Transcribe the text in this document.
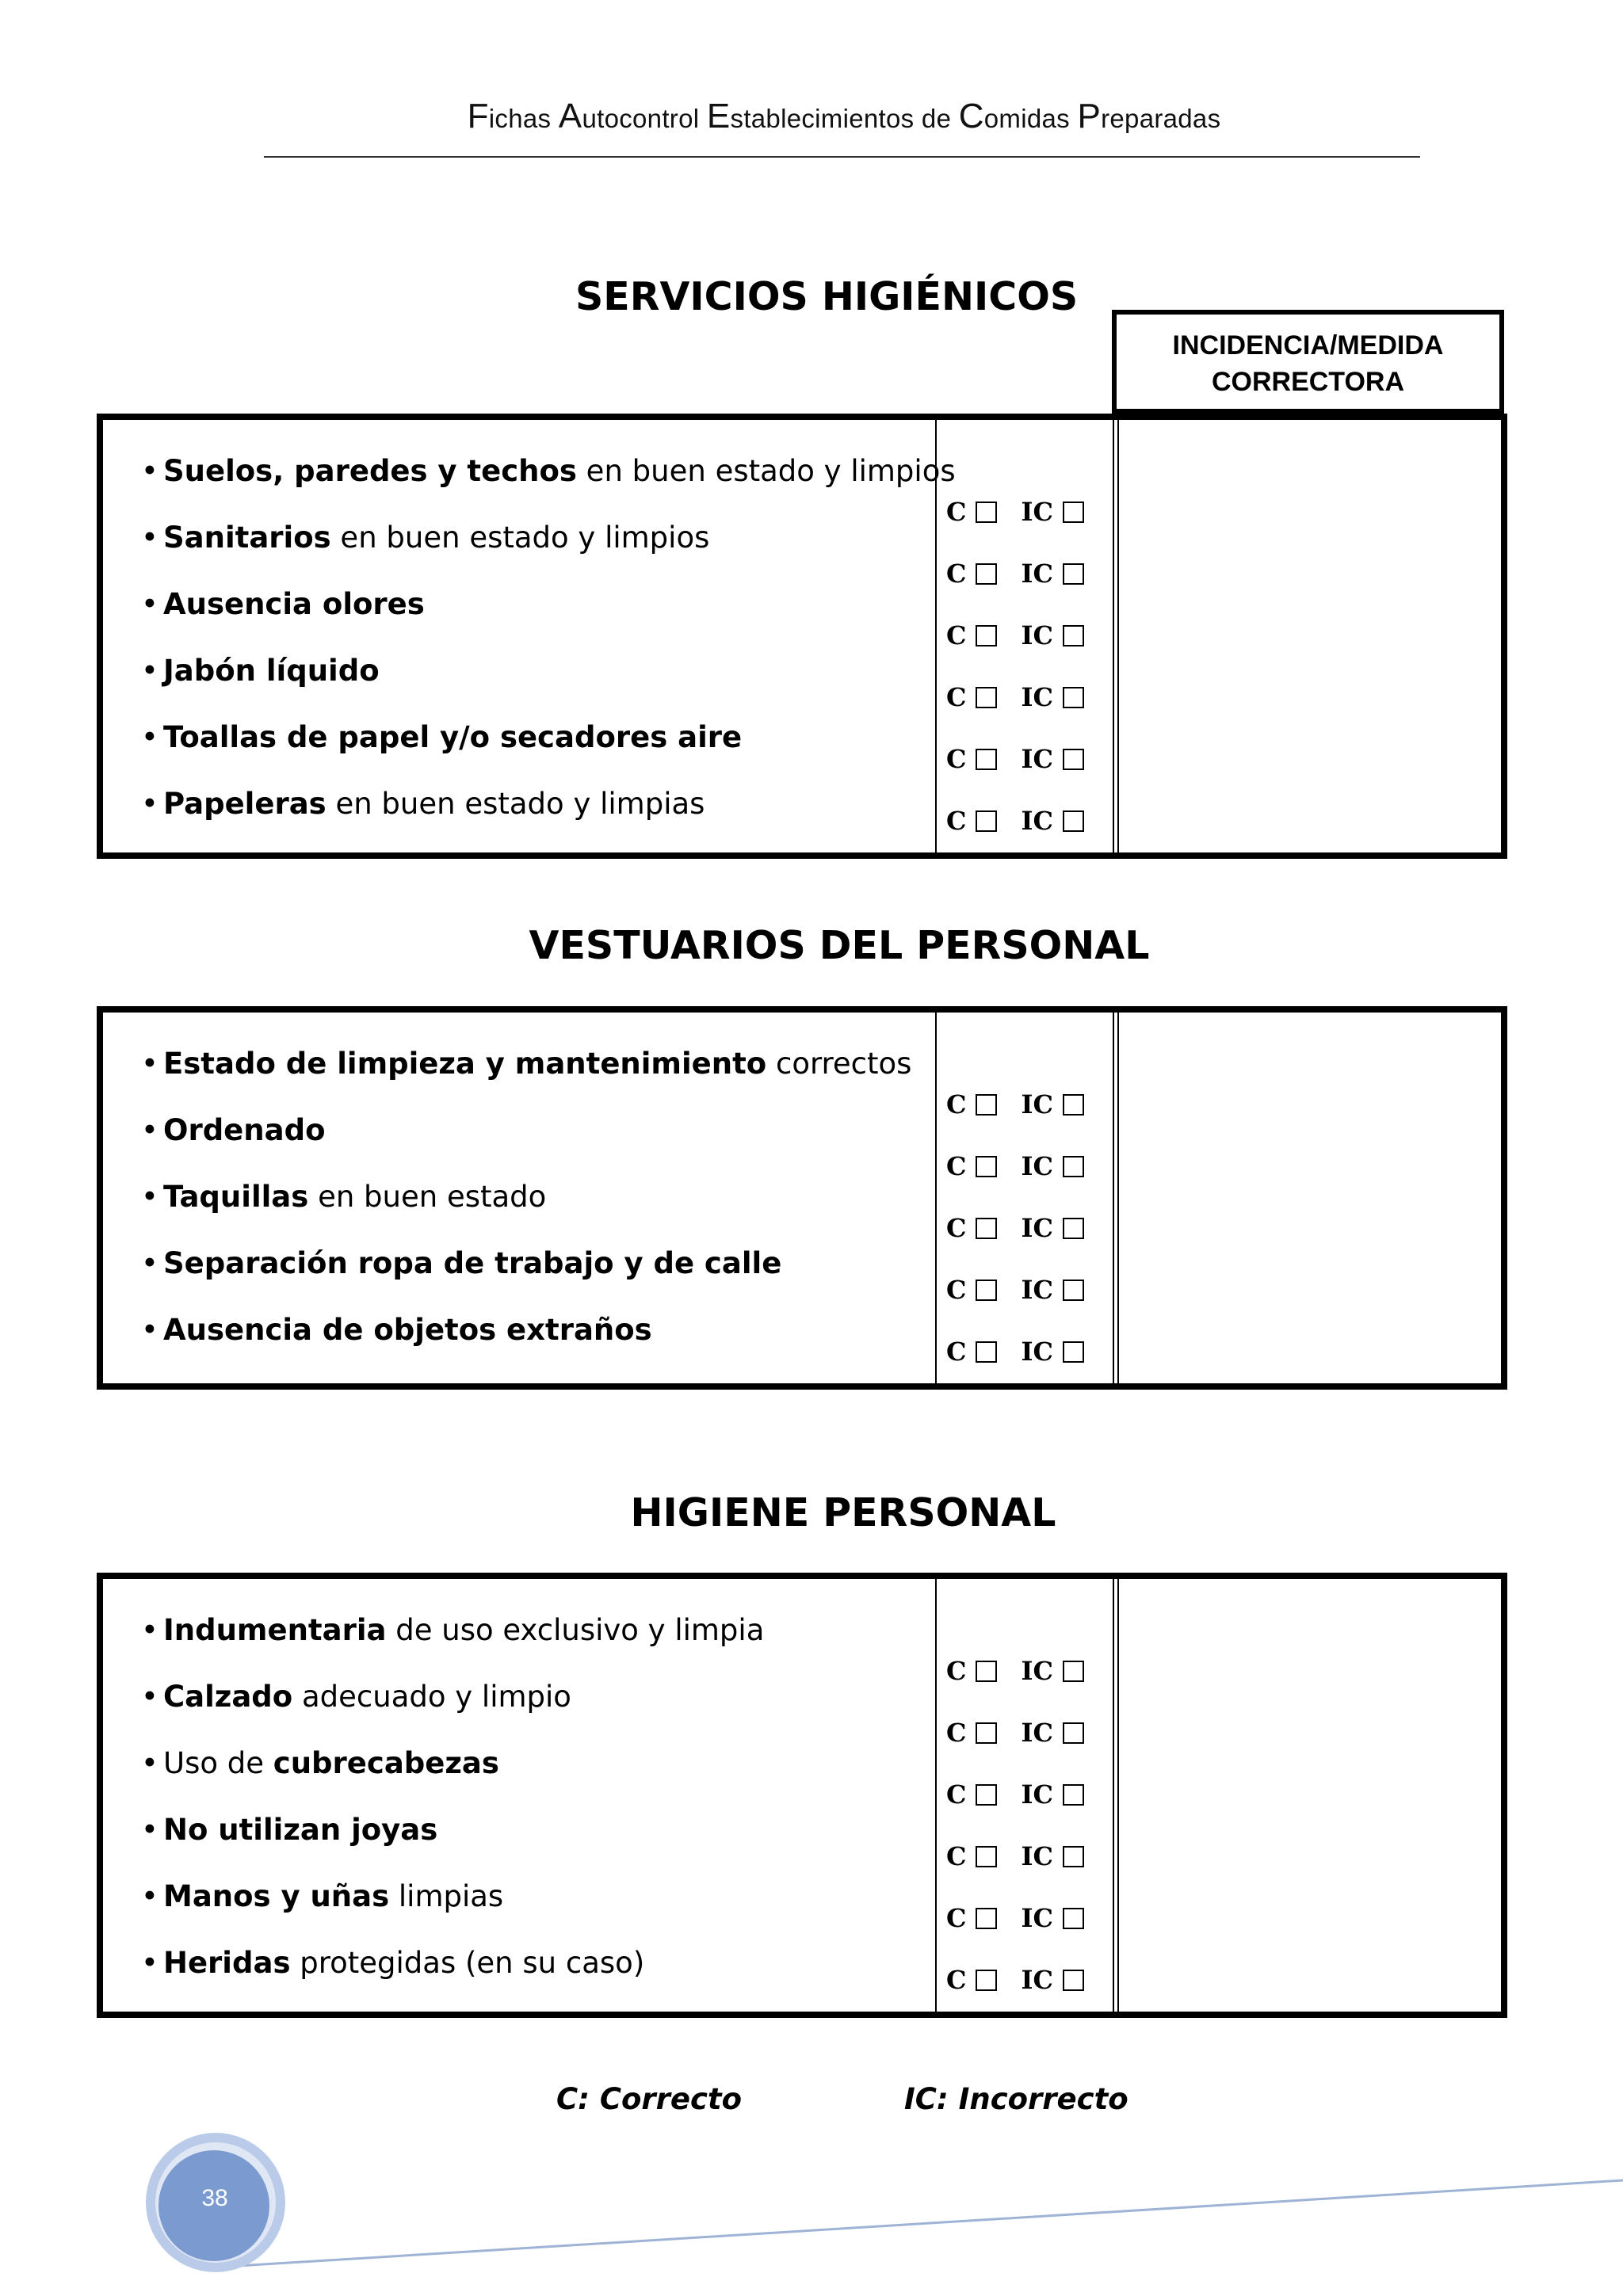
Fichas Autocontrol Establecimientos de Comidas Preparadas
SERVICIOS HIGIÉNICOS
INCIDENCIA/MEDIDA
CORRECTORA
• Suelos, paredes y techos en buen estado y limpios
• Sanitarios en buen estado y limpios
• Ausencia olores
• Jabón líquido
• Toallas de papel y/o secadores aire
• Papeleras en buen estado y limpias
C IC
C IC
C IC
C IC
C IC
C IC
VESTUARIOS DEL PERSONAL
• Estado de limpieza y mantenimiento correctos
• Ordenado
• Taquillas en buen estado
• Separación ropa de trabajo y de calle
• Ausencia de objetos extraños
C IC
C IC
C IC
C IC
C IC
HIGIENE PERSONAL
• Indumentaria de uso exclusivo y limpia
• Calzado adecuado y limpio
• Uso de cubrecabezas
• No utilizan joyas
• Manos y uñas limpias
• Heridas protegidas (en su caso)
C IC
C IC
C IC
C IC
C IC
C IC
C: Correcto	IC: Incorrecto
38
